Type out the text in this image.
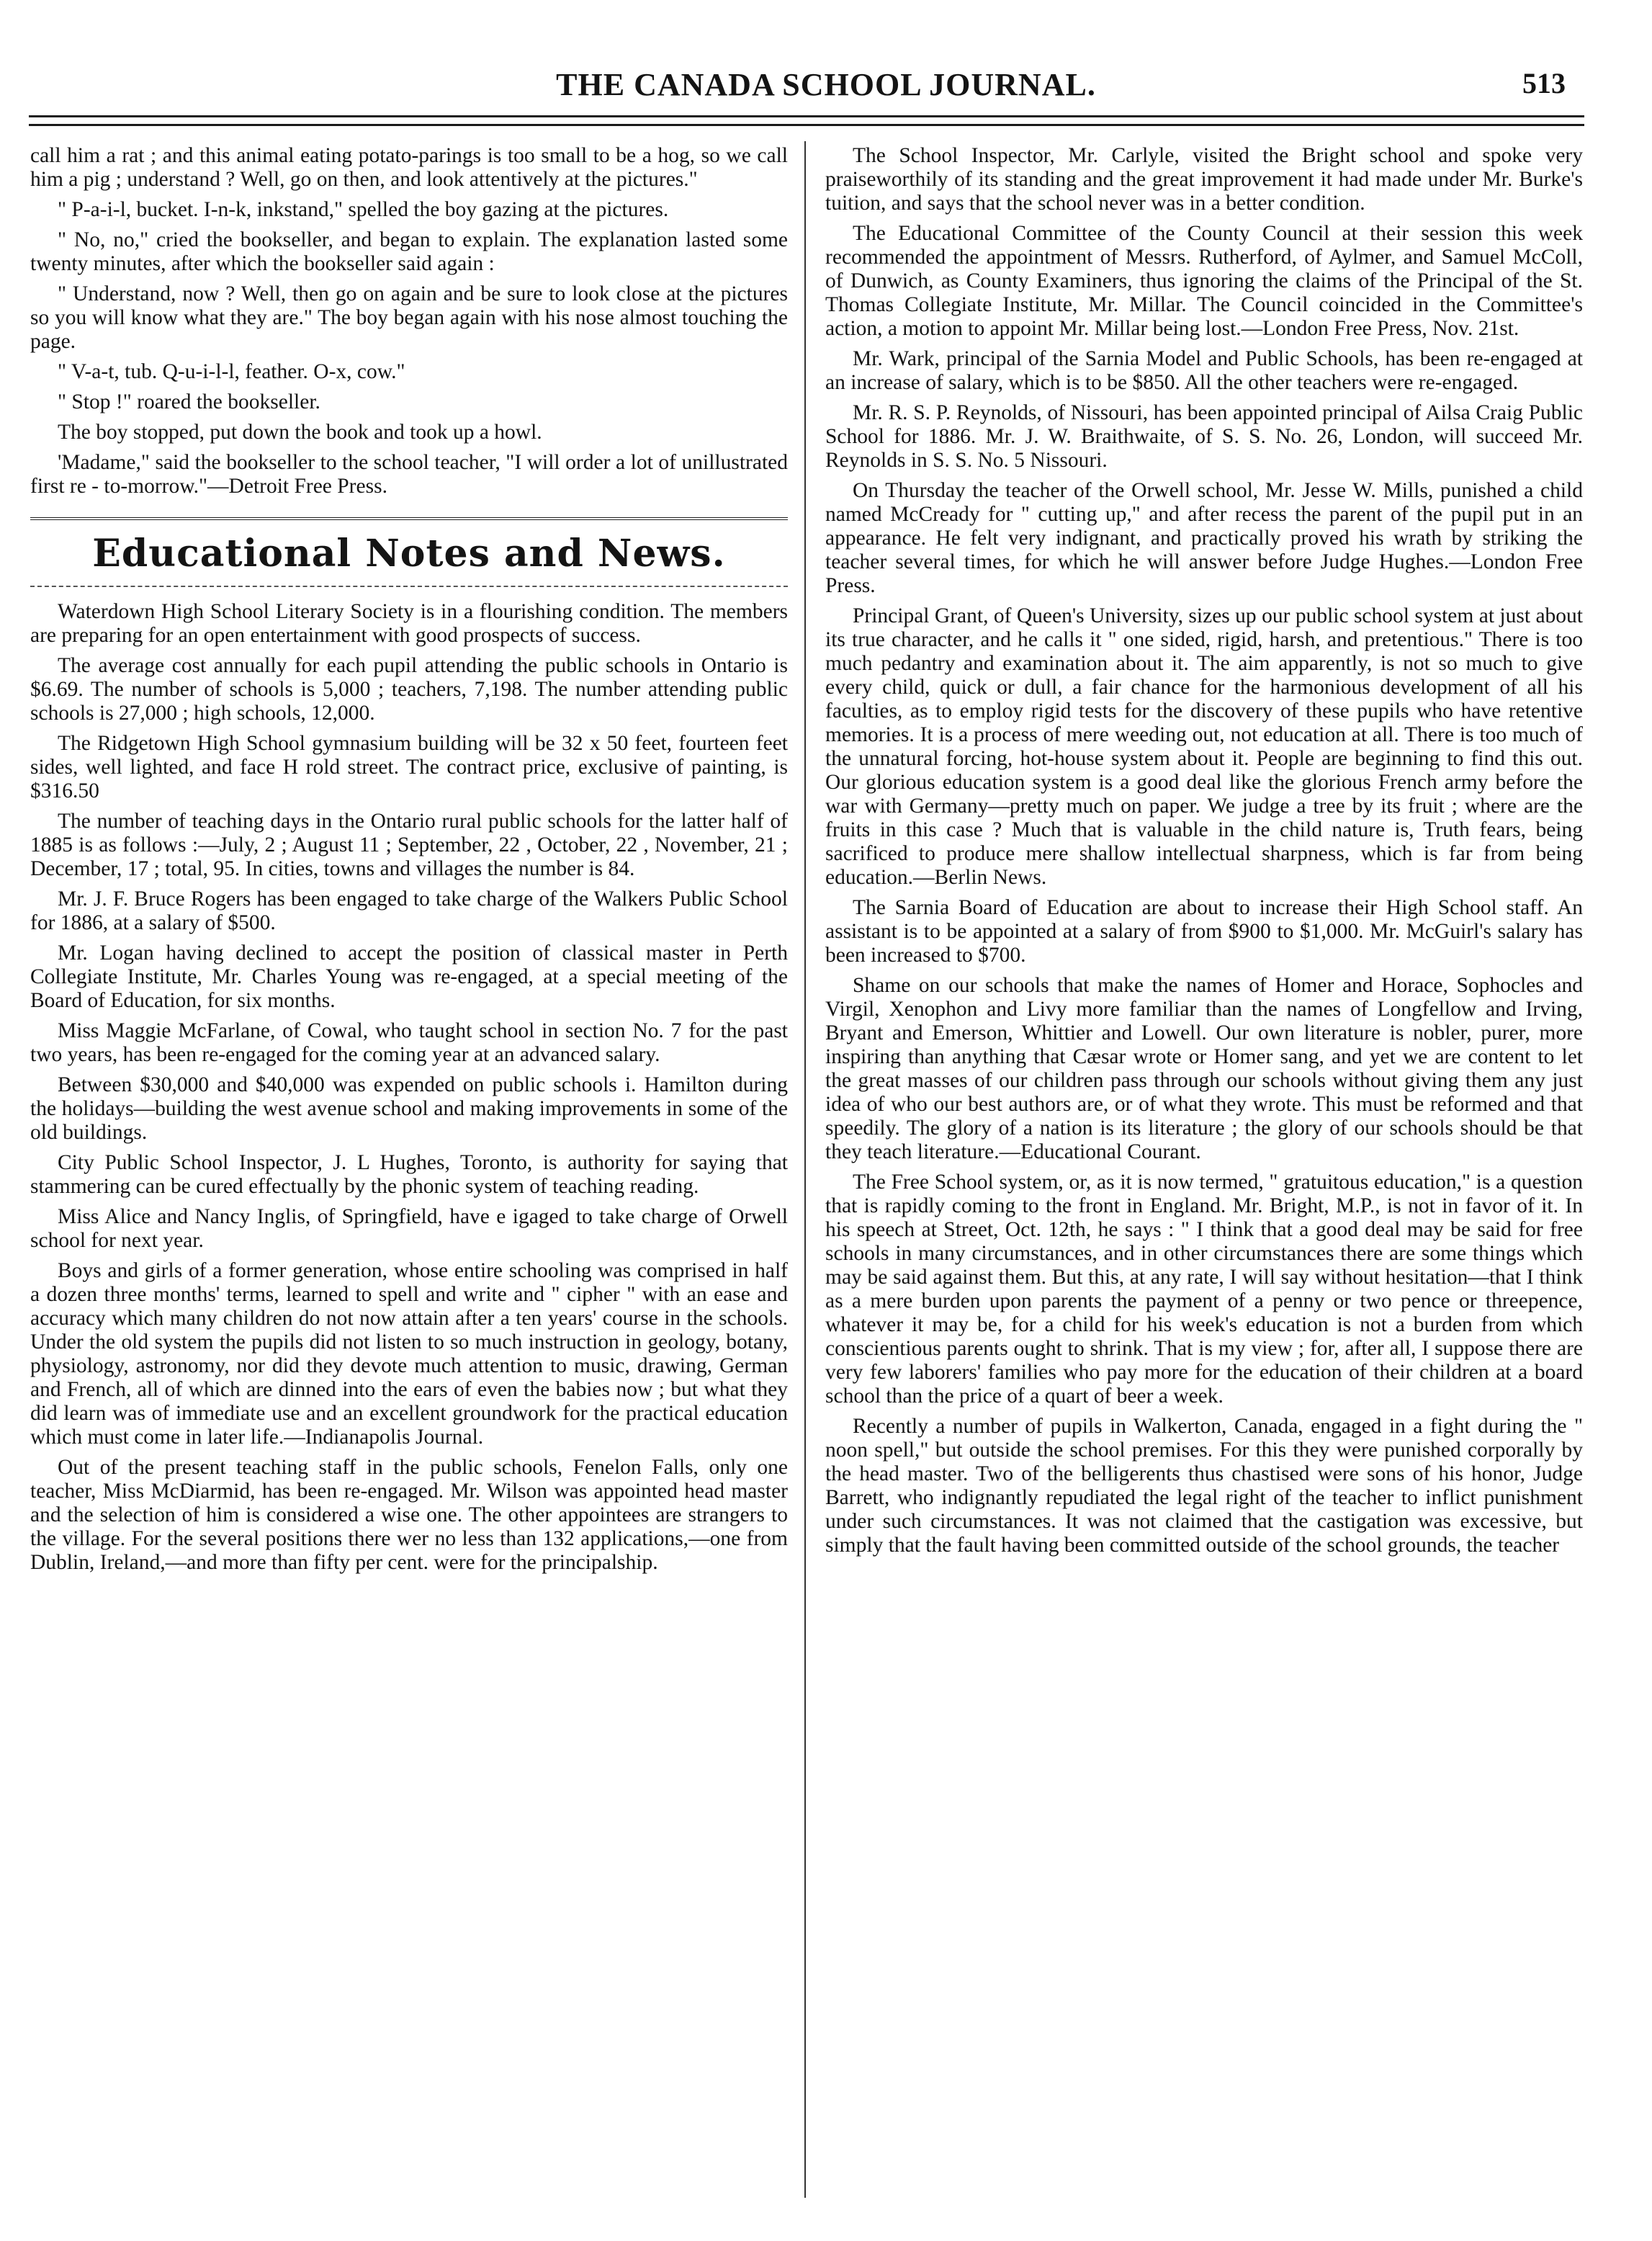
THE CANADA SCHOOL JOURNAL.	513

call him a rat ; and this animal eating potato-parings is too small to be a hog, so we call him a pig ; understand ? Well, go on then, and look attentively at the pictures."

" P-a-i-l, bucket. I-n-k, inkstand," spelled the boy gazing at the pictures.

" No, no," cried the bookseller, and began to explain. The explanation lasted some twenty minutes, after which the bookseller said again :

" Understand, now ? Well, then go on again and be sure to look close at the pictures so you will know what they are." The boy began again with his nose almost touching the page.

" V-a-t, tub. Q-u-i-l-l, feather. O-x, cow."

" Stop !" roared the bookseller.

The boy stopped, put down the book and took up a howl.

'Madame," said the bookseller to the school teacher, "I will order a lot of unillustrated first re - to-morrow."—Detroit Free Press.

Educational Notes and News.

Waterdown High School Literary Society is in a flourishing condition. The members are preparing for an open entertainment with good prospects of success.

The average cost annually for each pupil attending the public schools in Ontario is $6.69. The number of schools is 5,000 ; teachers, 7,198. The number attending public schools is 27,000 ; high schools, 12,000.

The Ridgetown High School gymnasium building will be 32 x 50 feet, fourteen feet sides, well lighted, and face H rold street. The contract price, exclusive of painting, is $316.50

The number of teaching days in the Ontario rural public schools for the latter half of 1885 is as follows :—July, 2 ; August 11 ; September, 22 , October, 22 , November, 21 ; December, 17 ; total, 95. In cities, towns and villages the number is 84.

Mr. J. F. Bruce Rogers has been engaged to take charge of the Walkers Public School for 1886, at a salary of $500.

Mr. Logan having declined to accept the position of classical master in Perth Collegiate Institute, Mr. Charles Young was re-engaged, at a special meeting of the Board of Education, for six months.

Miss Maggie McFarlane, of Cowal, who taught school in section No. 7 for the past two years, has been re-engaged for the coming year at an advanced salary.

Between $30,000 and $40,000 was expended on public schools i. Hamilton during the holidays—building the west avenue school and making improvements in some of the old buildings.

City Public School Inspector, J. L Hughes, Toronto, is authority for saying that stammering can be cured effectually by the phonic system of teaching reading.

Miss Alice and Nancy Inglis, of Springfield, have e igaged to take charge of Orwell school for next year.

Boys and girls of a former generation, whose entire schooling was comprised in half a dozen three months' terms, learned to spell and write and " cipher " with an ease and accuracy which many children do not now attain after a ten years' course in the schools. Under the old system the pupils did not listen to so much instruction in geology, botany, physiology, astronomy, nor did they devote much attention to music, drawing, German and French, all of which are dinned into the ears of even the babies now ; but what they did learn was of immediate use and an excellent groundwork for the practical education which must come in later life.—Indianapolis Journal.

Out of the present teaching staff in the public schools, Fenelon Falls, only one teacher, Miss McDiarmid, has been re-engaged. Mr. Wilson was appointed head master and the selection of him is considered a wise one. The other appointees are strangers to the village. For the several positions there wer no less than 132 applications,—one from Dublin, Ireland,—and more than fifty per cent. were for the principalship.

The School Inspector, Mr. Carlyle, visited the Bright school and spoke very praiseworthily of its standing and the great improvement it had made under Mr. Burke's tuition, and says that the school never was in a better condition.

The Educational Committee of the County Council at their session this week recommended the appointment of Messrs. Rutherford, of Aylmer, and Samuel McColl, of Dunwich, as County Examiners, thus ignoring the claims of the Principal of the St. Thomas Collegiate Institute, Mr. Millar. The Council coincided in the Committee's action, a motion to appoint Mr. Millar being lost.—London Free Press, Nov. 21st.

Mr. Wark, principal of the Sarnia Model and Public Schools, has been re-engaged at an increase of salary, which is to be $850. All the other teachers were re-engaged.

Mr. R. S. P. Reynolds, of Nissouri, has been appointed principal of Ailsa Craig Public School for 1886. Mr. J. W. Braithwaite, of S. S. No. 26, London, will succeed Mr. Reynolds in S. S. No. 5 Nissouri.

On Thursday the teacher of the Orwell school, Mr. Jesse W. Mills, punished a child named McCready for " cutting up," and after recess the parent of the pupil put in an appearance. He felt very indignant, and practically proved his wrath by striking the teacher several times, for which he will answer before Judge Hughes.—London Free Press.

Principal Grant, of Queen's University, sizes up our public school system at just about its true character, and he calls it " one sided, rigid, harsh, and pretentious." There is too much pedantry and examination about it. The aim apparently, is not so much to give every child, quick or dull, a fair chance for the harmonious development of all his faculties, as to employ rigid tests for the discovery of these pupils who have retentive memories. It is a process of mere weeding out, not education at all. There is too much of the unnatural forcing, hot-house system about it. People are beginning to find this out. Our glorious education system is a good deal like the glorious French army before the war with Germany—pretty much on paper. We judge a tree by its fruit ; where are the fruits in this case ? Much that is valuable in the child nature is, Truth fears, being sacrificed to produce mere shallow intellectual sharpness, which is far from being education.—Berlin News.

The Sarnia Board of Education are about to increase their High School staff. An assistant is to be appointed at a salary of from $900 to $1,000. Mr. McGuirl's salary has been increased to $700.

Shame on our schools that make the names of Homer and Horace, Sophocles and Virgil, Xenophon and Livy more familiar than the names of Longfellow and Irving, Bryant and Emerson, Whittier and Lowell. Our own literature is nobler, purer, more inspiring than anything that Cæsar wrote or Homer sang, and yet we are content to let the great masses of our children pass through our schools without giving them any just idea of who our best authors are, or of what they wrote. This must be reformed and that speedily. The glory of a nation is its literature ; the glory of our schools should be that they teach literature.—Educational Courant.

The Free School system, or, as it is now termed, " gratuitous education," is a question that is rapidly coming to the front in England. Mr. Bright, M.P., is not in favor of it. In his speech at Street, Oct. 12th, he says : " I think that a good deal may be said for free schools in many circumstances, and in other circumstances there are some things which may be said against them. But this, at any rate, I will say without hesitation—that I think as a mere burden upon parents the payment of a penny or two pence or threepence, whatever it may be, for a child for his week's education is not a burden from which conscientious parents ought to shrink. That is my view ; for, after all, I suppose there are very few laborers' families who pay more for the education of their children at a board school than the price of a quart of beer a week.

Recently a number of pupils in Walkerton, Canada, engaged in a fight during the " noon spell," but outside the school premises. For this they were punished corporally by the head master. Two of the belligerents thus chastised were sons of his honor, Judge Barrett, who indignantly repudiated the legal right of the teacher to inflict punishment under such circumstances. It was not claimed that the castigation was excessive, but simply that the fault having been committed outside of the school grounds, the teacher
